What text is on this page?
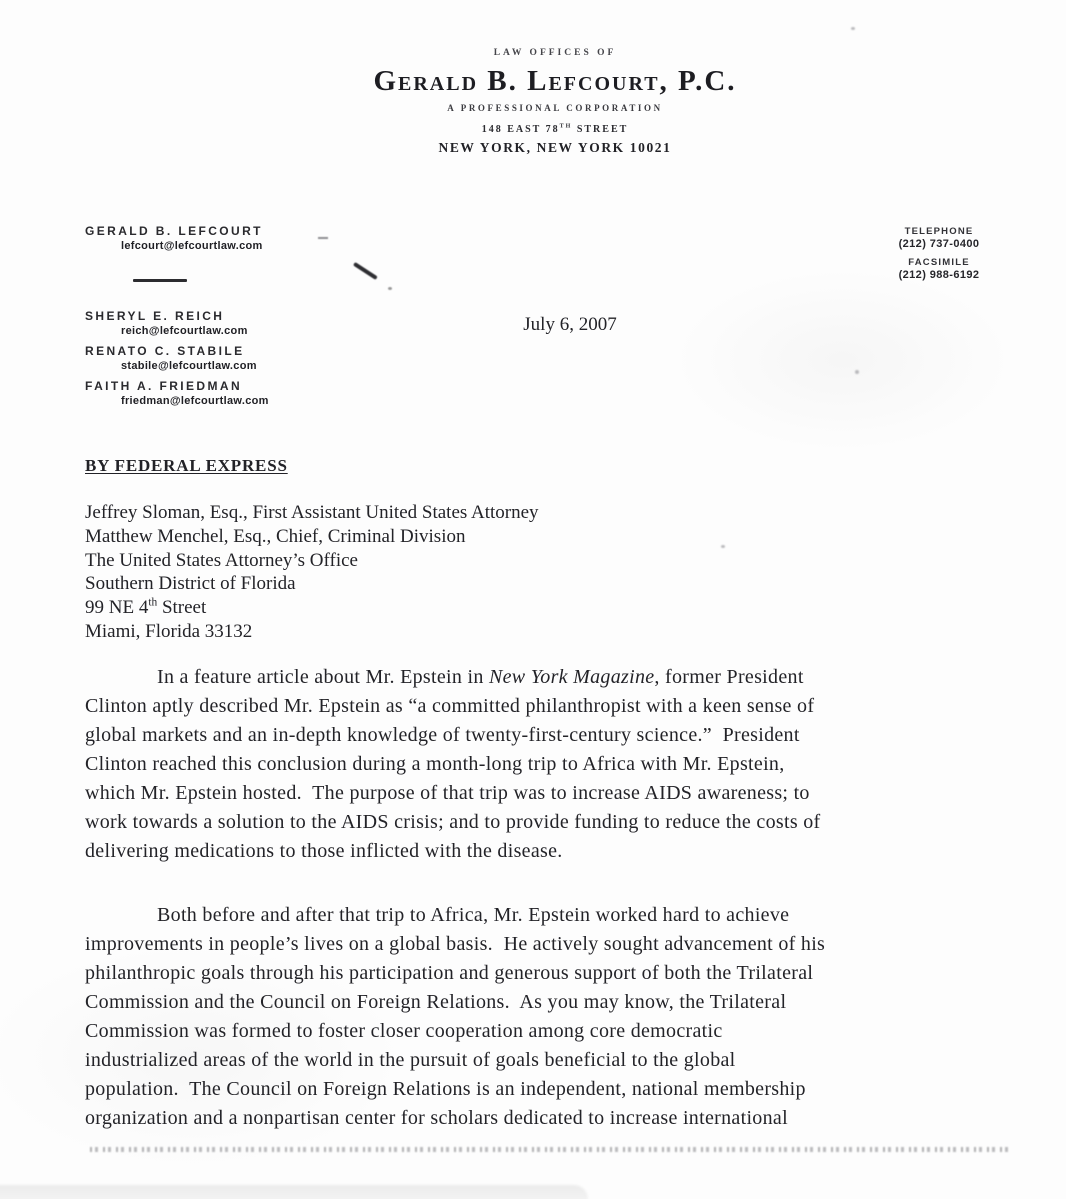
LAW OFFICES OF
Gerald B. Lefcourt, P.C.
A PROFESSIONAL CORPORATION
148 EAST 78TH STREET
NEW YORK, NEW YORK 10021
GERALD B. LEFCOURT
lefcourt@lefcourtlaw.com
SHERYL E. REICH
reich@lefcourtlaw.com
RENATO C. STABILE
stabile@lefcourtlaw.com
FAITH A. FRIEDMAN
friedman@lefcourtlaw.com
TELEPHONE
(212) 737-0400
FACSIMILE
(212) 988-6192
July 6, 2007
BY FEDERAL EXPRESS
Jeffrey Sloman, Esq., First Assistant United States Attorney
Matthew Menchel, Esq., Chief, Criminal Division
The United States Attorney’s Office
Southern District of Florida
99 NE 4th Street
Miami, Florida 33132
In a feature article about Mr. Epstein in New York Magazine, former President
Clinton aptly described Mr. Epstein as “a committed philanthropist with a keen sense of
global markets and an in-depth knowledge of twenty-first-century science.”  President
Clinton reached this conclusion during a month-long trip to Africa with Mr. Epstein,
which Mr. Epstein hosted.  The purpose of that trip was to increase AIDS awareness; to
work towards a solution to the AIDS crisis; and to provide funding to reduce the costs of
delivering medications to those inflicted with the disease.
Both before and after that trip to Africa, Mr. Epstein worked hard to achieve
improvements in people’s lives on a global basis.  He actively sought advancement of his
philanthropic goals through his participation and generous support of both the Trilateral
Commission and the Council on Foreign Relations.  As you may know, the Trilateral
Commission was formed to foster closer cooperation among core democratic
industrialized areas of the world in the pursuit of goals beneficial to the global
population.  The Council on Foreign Relations is an independent, national membership
organization and a nonpartisan center for scholars dedicated to increase international
